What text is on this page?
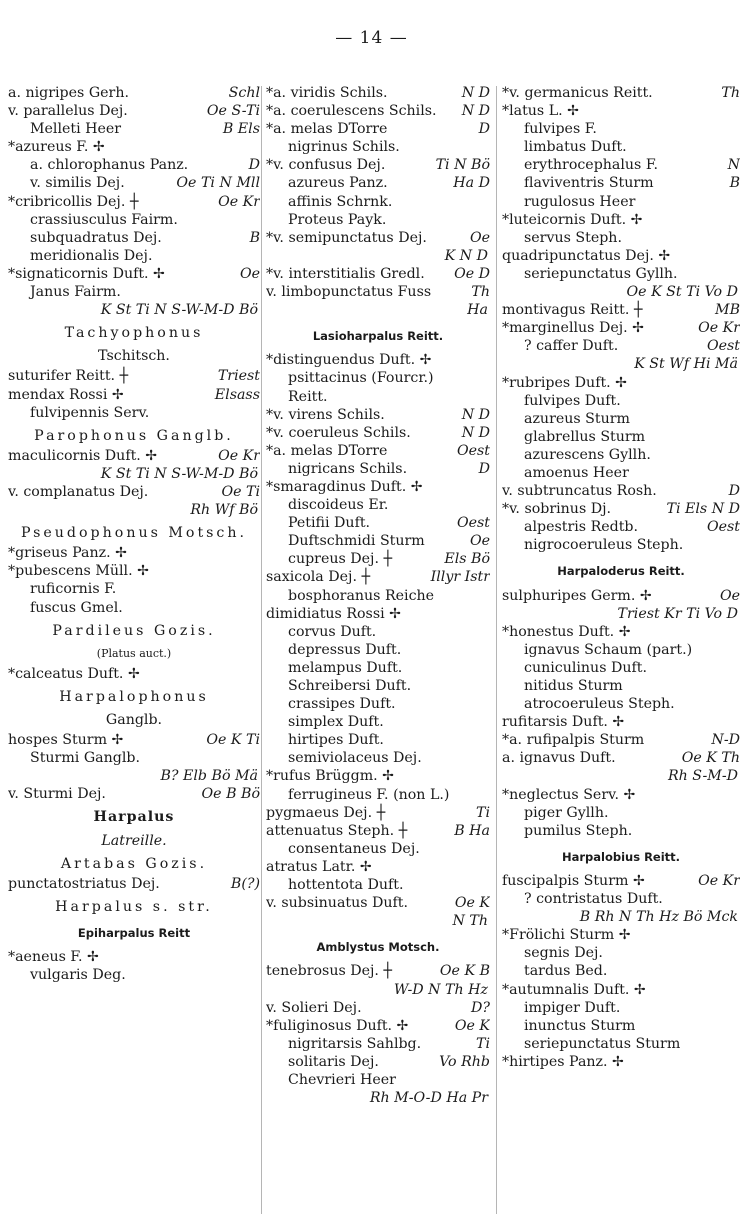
— 14 —
a. nigripes Gerh.	Schl
v. parallelus Dej.	Oe S-Ti
Melleti Heer	B Els
*azureus F. ✢
a. chlorophanus Panz.	D
v. similis Dej.	Oe Ti N Mll
*cribricollis Dej. ┼	Oe Kr
crassiusculus Fairm.
subquadratus Dej.	B
meridionalis Dej.
*signaticornis Duft. ✢	Oe
Janus Fairm.
K St Ti N S-W-M-D Bö
Tachyophonus
Tschitsch.
suturifer Reitt. ┼	Triest
mendax Rossi ✢	Elsass
fulvipennis Serv.
Parophonus Ganglb.
maculicornis Duft. ✢	Oe Kr
K St Ti N S-W-M-D Bö
v. complanatus Dej.	Oe Ti
Rh Wf Bö
Pseudophonus Motsch.
*griseus Panz. ✢
*pubescens Müll. ✢
ruficornis F.
fuscus Gmel.
Pardileus Gozis.
(Platus auct.)
*calceatus Duft. ✢
Harpalophonus
Ganglb.
hospes Sturm ✢	Oe K Ti
Sturmi Ganglb.
B? Elb Bö Mä
v. Sturmi Dej.	Oe B Bö
Harpalus
Latreille.
Artabas Gozis.
punctatostriatus Dej.	B(?)
Harpalus s. str.
Epiharpalus Reitt
*aeneus F. ✢
vulgaris Deg.
*a. viridis Schils.	N D
*a. coerulescens Schils.	N D
*a. melas DTorre	D
nigrinus Schils.
*v. confusus Dej.	Ti N Bö
azureus Panz.	Ha D
affinis Schrnk.
Proteus Payk.
*v. semipunctatus Dej.	Oe
K N D
*v. interstitialis Gredl.	Oe D
v. limbopunctatus Fuss	Th
Ha
Lasioharpalus Reitt.
*distinguendus Duft. ✢
psittacinus (Fourcr.)
Reitt.
*v. virens Schils.	N D
*v. coeruleus Schils.	N D
*a. melas DTorre	Oest
nigricans Schils.	D
*smaragdinus Duft. ✢
discoideus Er.
Petifii Duft.	Oest
Duftschmidi Sturm	Oe
cupreus Dej. ┼	Els Bö
saxicola Dej. ┼	Illyr Istr
bosphoranus Reiche
dimidiatus Rossi ✢
corvus Duft.
depressus Duft.
melampus Duft.
Schreibersi Duft.
crassipes Duft.
simplex Duft.
hirtipes Duft.
semiviolaceus Dej.
*rufus Brüggm. ✢
ferrugineus F. (non L.)
pygmaeus Dej. ┼	Ti
attenuatus Steph. ┼	B Ha
consentaneus Dej.
atratus Latr. ✢
hottentota Duft.
v. subsinuatus Duft.	Oe K
N Th
Amblystus Motsch.
tenebrosus Dej. ┼	Oe K B
W-D N Th Hz
v. Solieri Dej.	D?
*fuliginosus Duft. ✢	Oe K
nigritarsis Sahlbg.	Ti
solitaris Dej.	Vo Rhb
Chevrieri Heer
Rh M-O-D Ha Pr
*v. germanicus Reitt.	Th
*latus L. ✢
fulvipes F.
limbatus Duft.
erythrocephalus F.	N
flaviventris Sturm	B
rugulosus Heer
*luteicornis Duft. ✢
servus Steph.
quadripunctatus Dej. ✢
seriepunctatus Gyllh.
Oe K St Ti Vo D
montivagus Reitt. ┼	MB
*marginellus Dej. ✢	Oe Kr
? caffer Duft.	Oest
K St Wf Hi Mä
*rubripes Duft. ✢
fulvipes Duft.
azureus Sturm
glabrellus Sturm
azurescens Gyllh.
amoenus Heer
v. subtruncatus Rosh.	D
*v. sobrinus Dj.	Ti Els N D
alpestris Redtb.	Oest
nigrocoeruleus Steph.
Harpaloderus Reitt.
sulphuripes Germ. ✢	Oe
Triest Kr Ti Vo D
*honestus Duft. ✢
ignavus Schaum (part.)
cuniculinus Duft.
nitidus Sturm
atrocoeruleus Steph.
rufitarsis Duft. ✢
*a. rufipalpis Sturm	N-D
a. ignavus Duft.	Oe K Th
Rh S-M-D
*neglectus Serv. ✢
piger Gyllh.
pumilus Steph.
Harpalobius Reitt.
fuscipalpis Sturm ✢	Oe Kr
? contristatus Duft.
B Rh N Th Hz Bö Mck
*Frölichi Sturm ✢
segnis Dej.
tardus Bed.
*autumnalis Duft. ✢
impiger Duft.
inunctus Sturm
seriepunctatus Sturm
*hirtipes Panz. ✢
